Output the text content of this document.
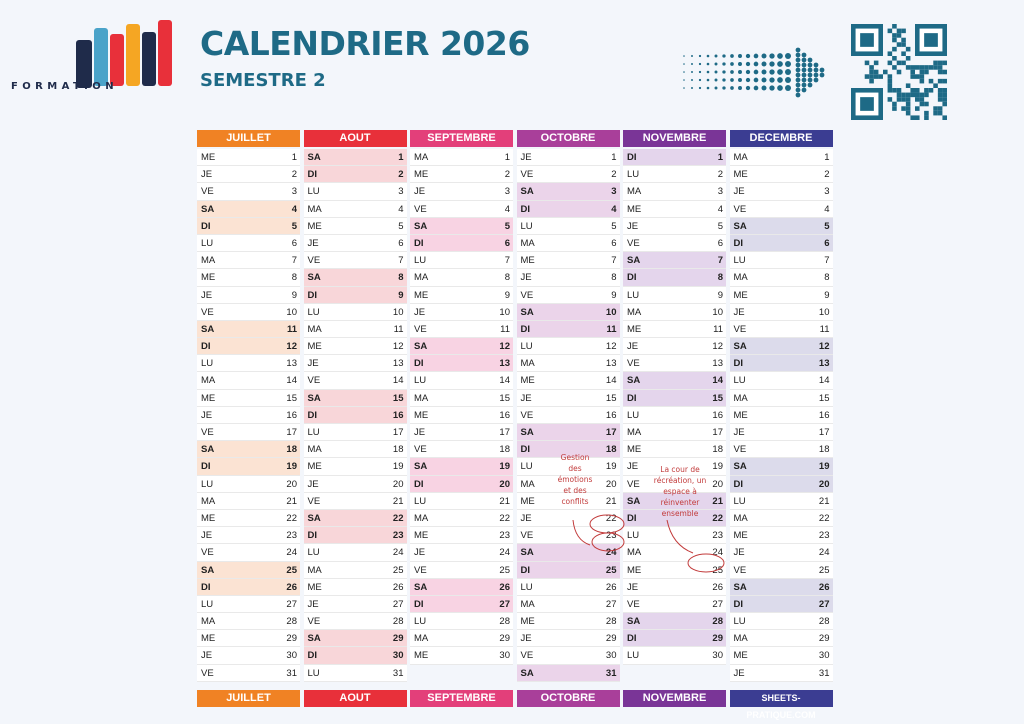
FORMATION
CALENDRIER 2026
SEMESTRE 2
JUILLET
ME	1
JE	2
VE	3
SA	4
DI	5
LU	6
MA	7
ME	8
JE	9
VE	10
SA	11
DI	12
LU	13
MA	14
ME	15
JE	16
VE	17
SA	18
DI	19
LU	20
MA	21
ME	22
JE	23
VE	24
SA	25
DI	26
LU	27
MA	28
ME	29
JE	30
VE	31
JUILLET
AOUT
SA	1
DI	2
LU	3
MA	4
ME	5
JE	6
VE	7
SA	8
DI	9
LU	10
MA	11
ME	12
JE	13
VE	14
SA	15
DI	16
LU	17
MA	18
ME	19
JE	20
VE	21
SA	22
DI	23
LU	24
MA	25
ME	26
JE	27
VE	28
SA	29
DI	30
LU	31
AOUT
SEPTEMBRE
MA	1
ME	2
JE	3
VE	4
SA	5
DI	6
LU	7
MA	8
ME	9
JE	10
VE	11
SA	12
DI	13
LU	14
MA	15
ME	16
JE	17
VE	18
SA	19
DI	20
LU	21
MA	22
ME	23
JE	24
VE	25
SA	26
DI	27
LU	28
MA	29
ME	30
SEPTEMBRE
OCTOBRE
JE	1
VE	2
SA	3
DI	4
LU	5
MA	6
ME	7
JE	8
VE	9
SA	10
DI	11
LU	12
MA	13
ME	14
JE	15
VE	16
SA	17
DI	18
LU	19
MA	20
ME	21
JE	22
VE	23
SA	24
DI	25
LU	26
MA	27
ME	28
JE	29
VE	30
SA	31
OCTOBRE
NOVEMBRE
DI	1
LU	2
MA	3
ME	4
JE	5
VE	6
SA	7
DI	8
LU	9
MA	10
ME	11
JE	12
VE	13
SA	14
DI	15
LU	16
MA	17
ME	18
JE	19
VE	20
SA	21
DI	22
LU	23
MA	24
ME	25
JE	26
VE	27
SA	28
DI	29
LU	30
NOVEMBRE
DECEMBRE
MA	1
ME	2
JE	3
VE	4
SA	5
DI	6
LU	7
MA	8
ME	9
JE	10
VE	11
SA	12
DI	13
LU	14
MA	15
ME	16
JE	17
VE	18
SA	19
DI	20
LU	21
MA	22
ME	23
JE	24
VE	25
SA	26
DI	27
LU	28
MA	29
ME	30
JE	31
SHEETS-PRATIQUE.COM
Gestion des émotions et des conflits
La cour de récréation, un espace à réinventer ensemble
